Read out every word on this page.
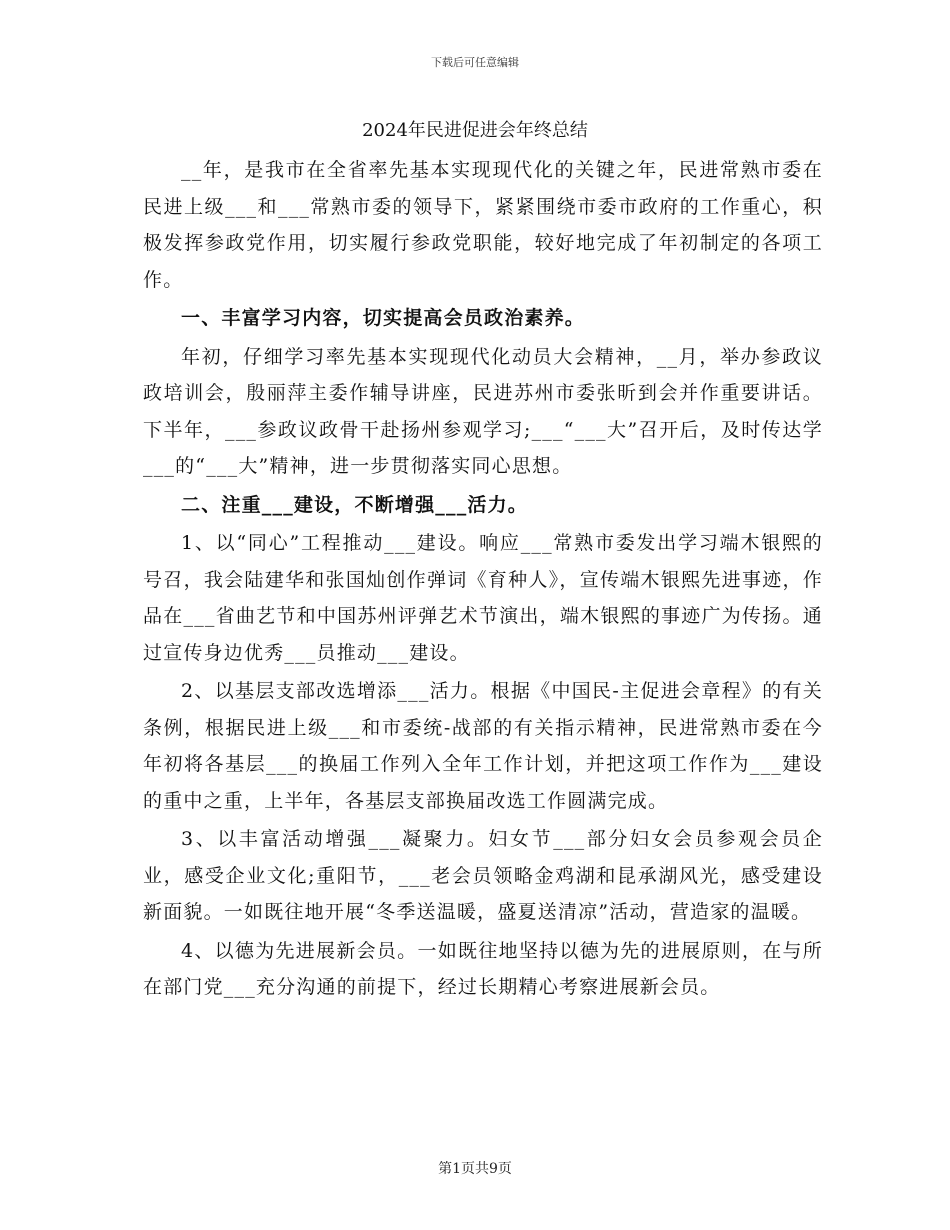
下载后可任意编辑
2024年民进促进会年终总结

__年，是我市在全省率先基本实现现代化的关键之年，民进常熟市委在民进上级___和___常熟市委的领导下，紧紧围绕市委市政府的工作重心，积极发挥参政党作用，切实履行参政党职能，较好地完成了年初制定的各项工作。

一、丰富学习内容，切实提高会员政治素养。

年初，仔细学习率先基本实现现代化动员大会精神，__月，举办参政议政培训会，殷丽萍主委作辅导讲座，民进苏州市委张昕到会并作重要讲话。下半年，___参政议政骨干赴扬州参观学习;___“___大”召开后，及时传达学___的“___大”精神，进一步贯彻落实同心思想。

二、注重___建设，不断增强___活力。

1、以“同心”工程推动___建设。响应___常熟市委发出学习端木银熙的号召，我会陆建华和张国灿创作弹词《育种人》，宣传端木银熙先进事迹，作品在___省曲艺节和中国苏州评弹艺术节演出，端木银熙的事迹广为传扬。通过宣传身边优秀___员推动___建设。

2、以基层支部改选增添___活力。根据《中国民-主促进会章程》的有关条例，根据民进上级___和市委统-战部的有关指示精神，民进常熟市委在今年初将各基层___的换届工作列入全年工作计划，并把这项工作作为___建设的重中之重，上半年，各基层支部换届改选工作圆满完成。

3、以丰富活动增强___凝聚力。妇女节___部分妇女会员参观会员企业，感受企业文化;重阳节，___老会员领略金鸡湖和昆承湖风光，感受建设新面貌。一如既往地开展“冬季送温暖，盛夏送清凉”活动，营造家的温暖。

4、以德为先进展新会员。一如既往地坚持以德为先的进展原则，在与所在部门党___充分沟通的前提下，经过长期精心考察进展新会员。

第1页共9页
